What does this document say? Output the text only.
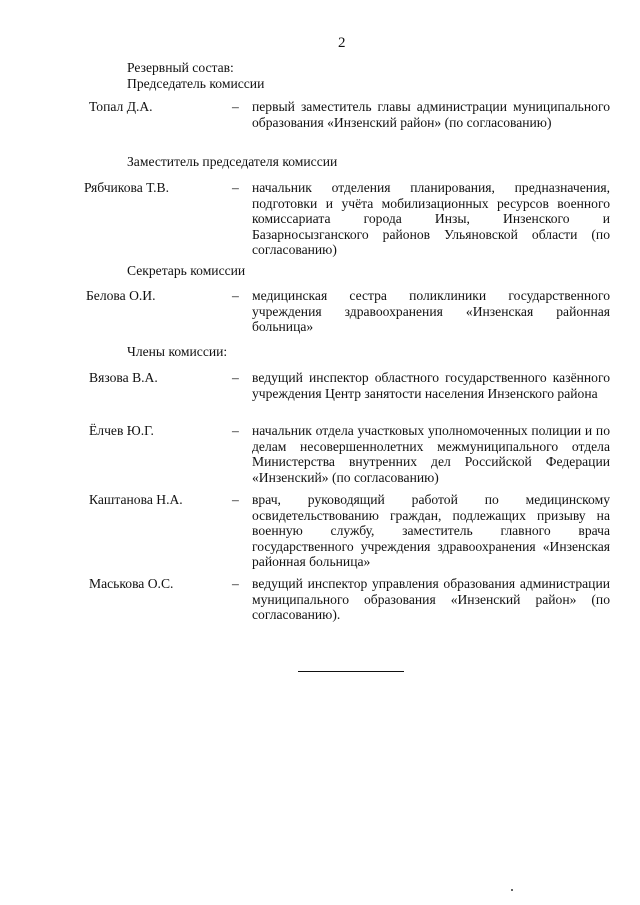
2
Резервный состав:
Председатель комиссии
Топал Д.А.	– первый заместитель главы администрации муниципального образования «Инзенский район» (по согласованию)
Заместитель председателя комиссии
Рябчикова Т.В.	– начальник отделения планирования, предназначения, подготовки и учёта мобилизационных ресурсов военного комиссариата города Инзы, Инзенского и Базарносызганского районов Ульяновской области (по согласованию)
Секретарь комиссии
Белова О.И.	– медицинская сестра поликлиники государственного учреждения здравоохранения «Инзенская районная больница»
Члены комиссии:
Вязова В.А.	– ведущий инспектор областного государственного казённого учреждения Центр занятости населения Инзенского района
Ёлчев Ю.Г.	– начальник отдела участковых уполномоченных полиции и по делам несовершеннолетних межмуниципального отдела Министерства внутренних дел Российской Федерации «Инзенский» (по согласованию)
Каштанова Н.А.	– врач, руководящий работой по медицинскому освидетельствованию граждан, подлежащих призыву на военную службу, заместитель главного врача государственного учреждения здравоохранения «Инзенская районная больница»
Маськова О.С.	– ведущий инспектор управления образования администрации муниципального образования «Инзенский район» (по согласованию).
